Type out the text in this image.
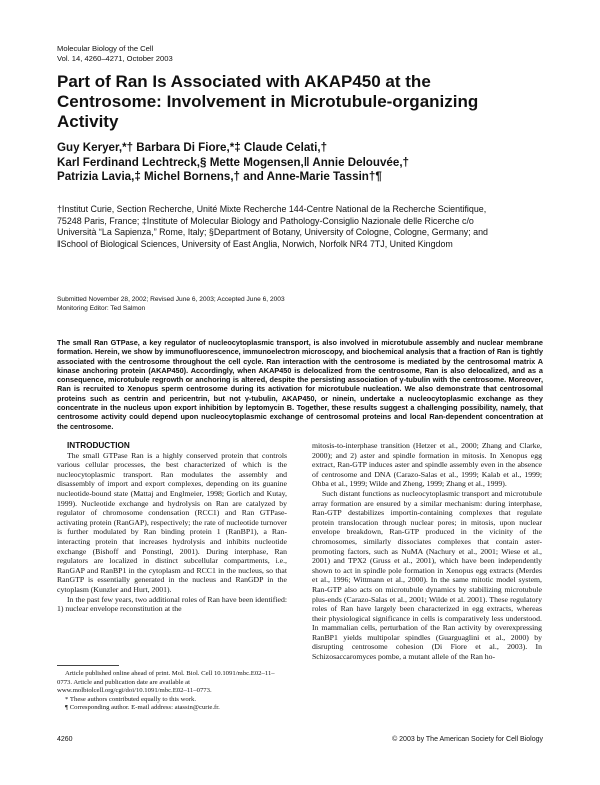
Molecular Biology of the Cell
Vol. 14, 4260–4271, October 2003
Part of Ran Is Associated with AKAP450 at the Centrosome: Involvement in Microtubule-organizing Activity
Guy Keryer,*† Barbara Di Fiore,*‡ Claude Celati,†
Karl Ferdinand Lechtreck,§ Mette Mogensen,‖ Annie Delouvée,†
Patrizia Lavia,‡ Michel Bornens,† and Anne-Marie Tassin†¶
†Institut Curie, Section Recherche, Unité Mixte Recherche 144-Centre National de la Recherche Scientifique, 75248 Paris, France; ‡Institute of Molecular Biology and Pathology-Consiglio Nazionale delle Ricerche c/o Università “La Sapienza,” Rome, Italy; §Department of Botany, University of Cologne, Cologne, Germany; and ‖School of Biological Sciences, University of East Anglia, Norwich, Norfolk NR4 7TJ, United Kingdom
Submitted November 28, 2002; Revised June 6, 2003; Accepted June 6, 2003
Monitoring Editor: Ted Salmon
The small Ran GTPase, a key regulator of nucleocytoplasmic transport, is also involved in microtubule assembly and nuclear membrane formation. Herein, we show by immunofluorescence, immunoelectron microscopy, and biochemical analysis that a fraction of Ran is tightly associated with the centrosome throughout the cell cycle. Ran interaction with the centrosome is mediated by the centrosomal matrix A kinase anchoring protein (AKAP450). Accordingly, when AKAP450 is delocalized from the centrosome, Ran is also delocalized, and as a consequence, microtubule regrowth or anchoring is altered, despite the persisting association of γ-tubulin with the centrosome. Moreover, Ran is recruited to Xenopus sperm centrosome during its activation for microtubule nucleation. We also demonstrate that centrosomal proteins such as centrin and pericentrin, but not γ-tubulin, AKAP450, or ninein, undertake a nucleocytoplasmic exchange as they concentrate in the nucleus upon export inhibition by leptomycin B. Together, these results suggest a challenging possibility, namely, that centrosome activity could depend upon nucleocytoplasmic exchange of centrosomal proteins and local Ran-dependent concentration at the centrosome.

INTRODUCTION

The small GTPase Ran is a highly conserved protein that controls various cellular processes, the best characterized of which is the nucleocytoplasmic transport. Ran modulates the assembly and disassembly of import and export complexes, depending on its guanine nucleotide-bound state (Mattaj and Englmeier, 1998; Gorlich and Kutay, 1999). Nucleotide exchange and hydrolysis on Ran are catalyzed by regulator of chromosome condensation (RCC1) and Ran GTPase-activating protein (RanGAP), respectively; the rate of nucleotide turnover is further modulated by Ran binding protein 1 (RanBP1), a Ran-interacting protein that increases hydrolysis and inhibits nucleotide exchange (Bishoff and Ponstingl, 2001). During interphase, Ran regulators are localized in distinct subcellular compartments, i.e., RanGAP and RanBP1 in the cytoplasm and RCC1 in the nucleus, so that RanGTP is essentially generated in the nucleus and RanGDP in the cytoplasm (Kunzler and Hurt, 2001).

In the past few years, two additional roles of Ran have been identified: 1) nuclear envelope reconstitution at the

Article published online ahead of print. Mol. Biol. Cell 10.1091/mbc.E02–11–0773. Article and publication date are available at www.molbiolcell.org/cgi/doi/10.1091/mbc.E02–11–0773.

* These authors contributed equally to this work.

¶ Corresponding author. E-mail address: atassin@curie.fr.

mitosis-to-interphase transition (Hetzer et al., 2000; Zhang and Clarke, 2000); and 2) aster and spindle formation in mitosis. In Xenopus egg extract, Ran-GTP induces aster and spindle assembly even in the absence of centrosome and DNA (Carazo-Salas et al., 1999; Kalab et al., 1999; Ohba et al., 1999; Wilde and Zheng, 1999; Zhang et al., 1999).

Such distant functions as nucleocytoplasmic transport and microtubule array formation are ensured by a similar mechanism: during interphase, Ran-GTP destabilizes importin-containing complexes that regulate protein translocation through nuclear pores; in mitosis, upon nuclear envelope breakdown, Ran-GTP produced in the vicinity of the chromosomes, similarly dissociates complexes that contain aster-promoting factors, such as NuMA (Nachury et al., 2001; Wiese et al., 2001) and TPX2 (Gruss et al., 2001), which have been independently shown to act in spindle pole formation in Xenopus egg extracts (Merdes et al., 1996; Wittmann et al., 2000). In the same mitotic model system, Ran-GTP also acts on microtubule dynamics by stabilizing microtubule plus-ends (Carazo-Salas et al., 2001; Wilde et al. 2001). These regulatory roles of Ran have largely been characterized in egg extracts, whereas their physiological significance in cells is comparatively less understood. In mammalian cells, perturbation of the Ran activity by overexpressing RanBP1 yields multipolar spindles (Guarguaglini et al., 2000) by disrupting centrosome cohesion (Di Fiore et al., 2003). In Schizosaccaromyces pombe, a mutant allele of the Ran ho-

4260	© 2003 by The American Society for Cell Biology
